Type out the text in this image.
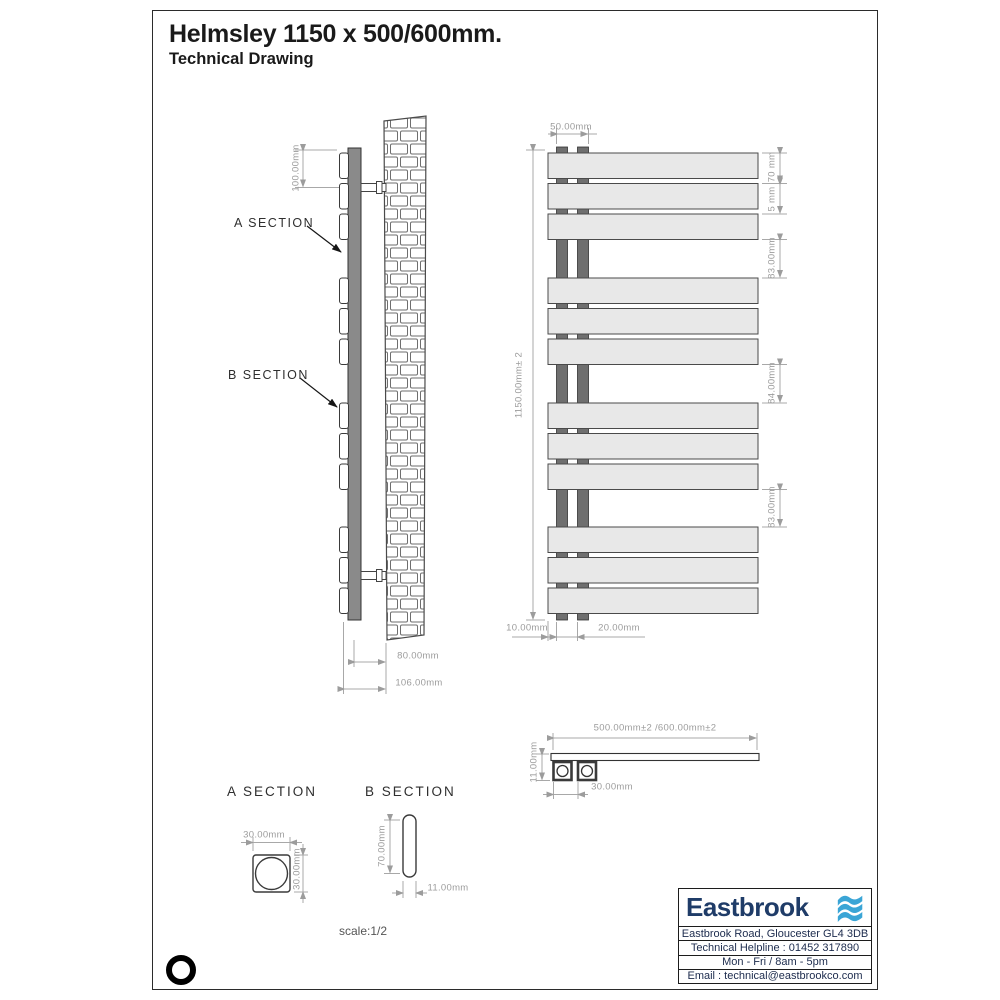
Helmsley 1150 x 500/600mm.
Technical Drawing
A SECTION
B SECTION
100.00mm
80.00mm
106.00mm
50.00mm
1150.00mm± 2
70 mm
5 mm
83.00mm
84.00mm
83.00mm
10.00mm	20.00mm
500.00mm±2 /600.00mm±2
11.00mm
30.00mm
A SECTION	B SECTION
30.00mm
30.00mm
70.00mm
11.00mm
scale:1/2
Eastbrook
Eastbrook Road, Gloucester GL4 3DB
Technical Helpline : 01452 317890
Mon - Fri / 8am - 5pm
Email : technical@eastbrookco.com
